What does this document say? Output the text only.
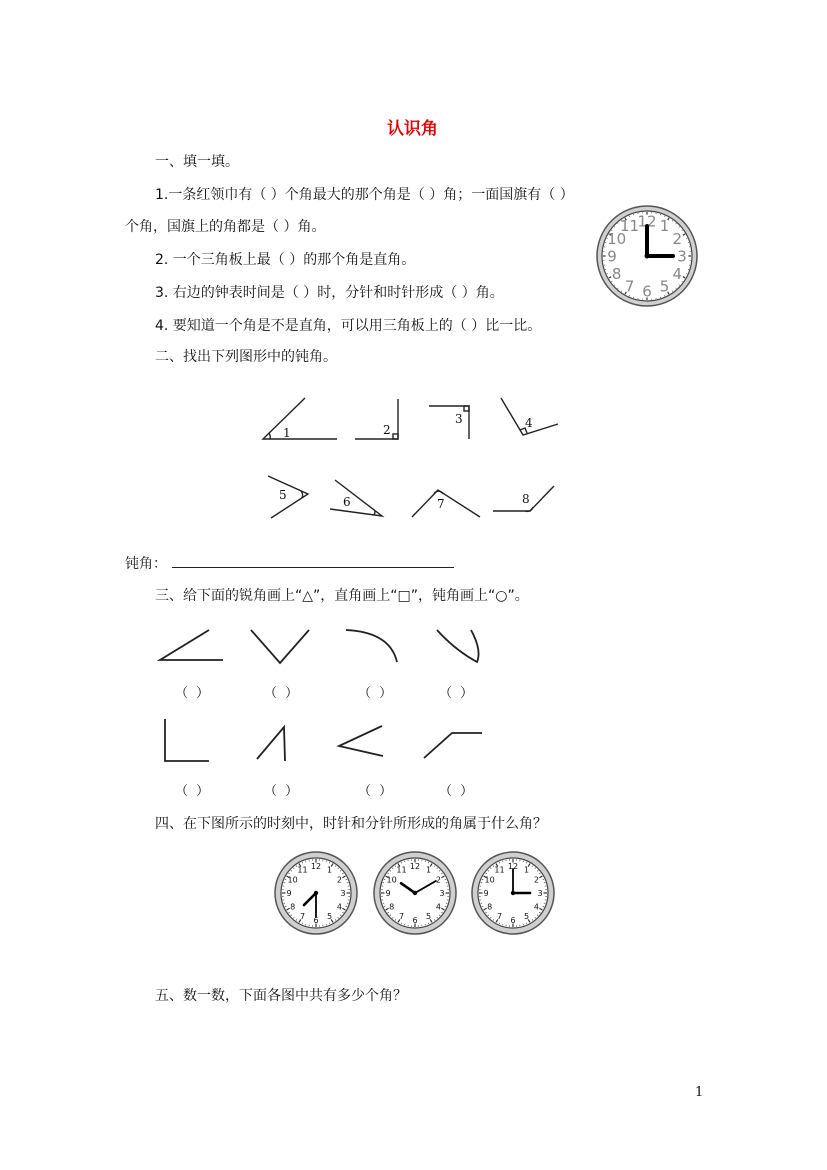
认识角
一、填一填。
1.一条红领巾有（ ）个角最大的那个角是（ ）角；一面国旗有（ ）
个角，国旗上的角都是（ ）角。
2. 一个三角板上最（ ）的那个角是直角。
3. 右边的钟表时间是（ ）时，分针和时针形成（ ）角。
4. 要知道一个角是不是直角，可以用三角板上的（ ）比一比。
12 1
2
3
4
5
6
7
8
9
10
11
二、找出下列图形中的钝角。
1	2
3	4
5	6	7	8
钝角：
三、给下面的锐角画上“△”，直角画上“□”，钝角画上“○”。
（ ）	（ ）	（ ）	（ ）
（ ）	（ ）	（ ）	（ ）
四、在下图所示的时刻中，时针和分针所形成的角属于什么角？
12 1
2
3
4
5
6
7
8
9
10
11	12 1
2
3
4
5
6
7
8
9
10
11	12 1
2
3
4
5
6
7
8
9
10
11
五、数一数，下面各图中共有多少个角？
1
